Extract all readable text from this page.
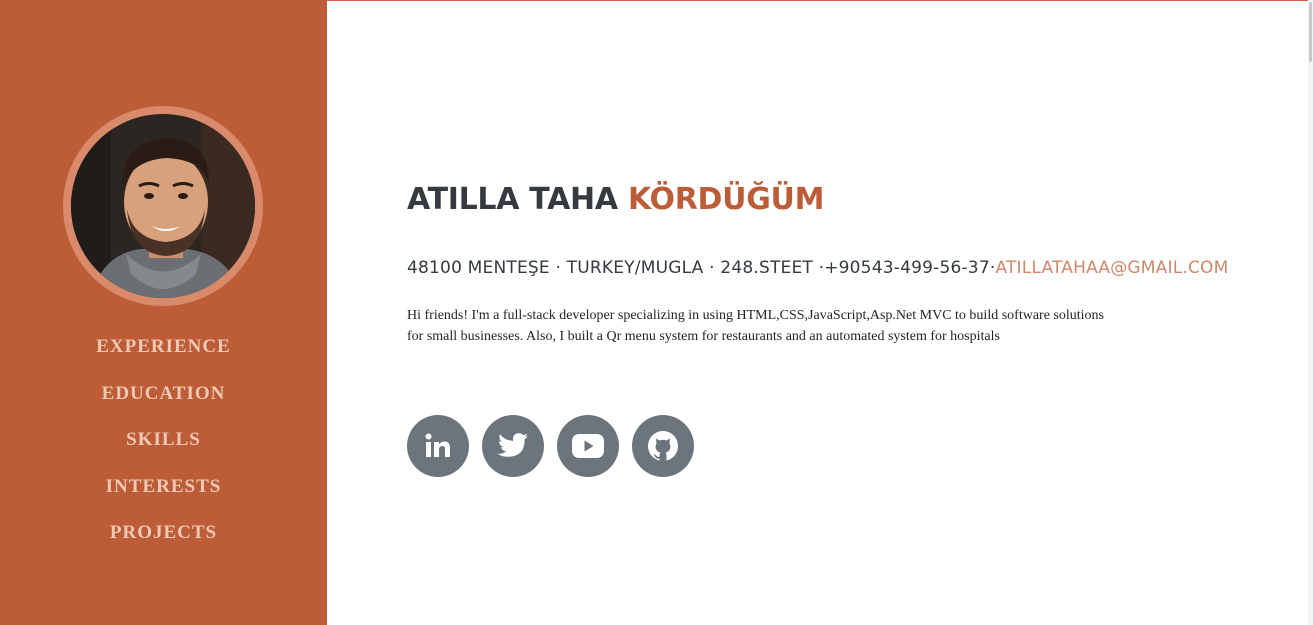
EXPERIENCE
EDUCATION
SKILLS
INTERESTS
PROJECTS
ATILLA TAHA KÖRDÜĞÜM
48100 MENTEŞE · TURKEY/MUGLA · 248.STEET ·+90543-499-56-37·ATILLATAHAA@GMAIL.COM

Hi friends! I'm a full-stack developer specializing in using HTML,CSS,JavaScript,Asp.Net MVC to build software solutions for small businesses. Also, I built a Qr menu system for restaurants and an automated system for hospitals
